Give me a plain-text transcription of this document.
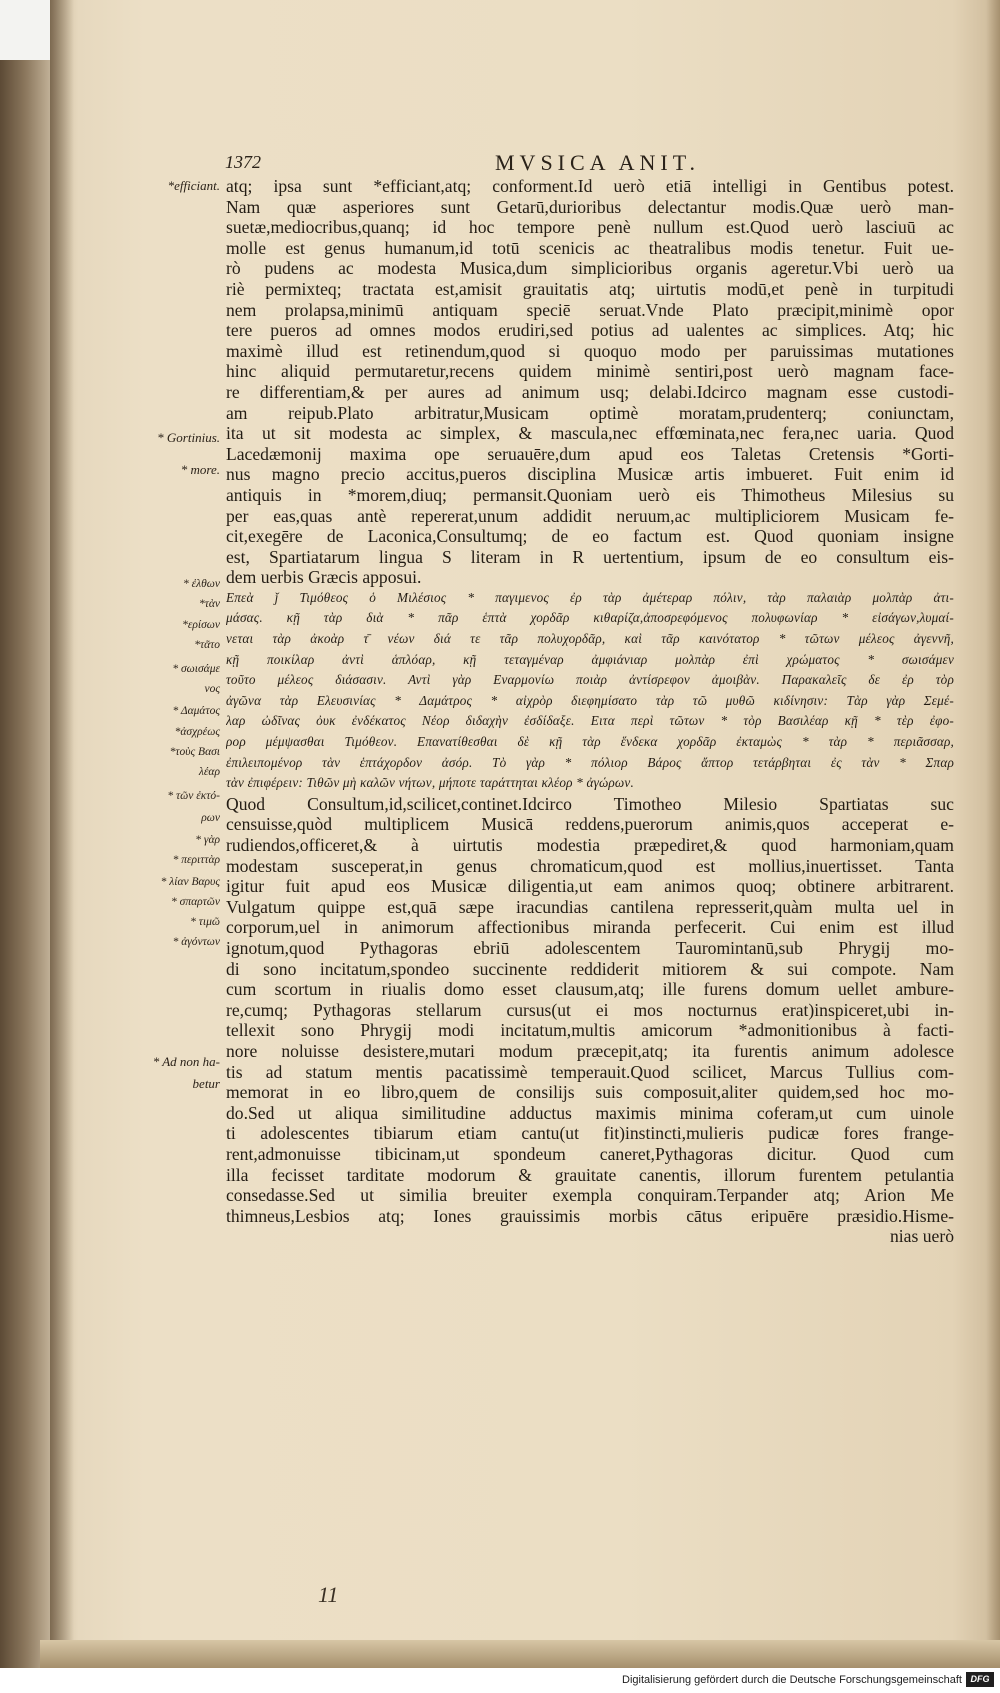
1372	MVSICA ANIT.
*efficiant.
* Gortinius.
* more.
* ἐλθων
*τὰν
*ερίσων
*τᾶτο
* σωισάμε
νος
* Δαμάτος
*ἀσχρέως
*τοὺς Βασι
λέαρ
* τῶν ἐκτό-
ρων
* γὰρ
* περιττὰρ
* λίαν Βαρυς
* σπαρτῶν
* τιμῶ
* ἀγόντων
* Ad non ha-
betur
atq; ipsa sunt *efficiant,atq; conforment.Id uerò etiā intelligi in Gentibus potest.
Nam quæ asperiores sunt Getarū,durioribus delectantur modis.Quæ uerò man-
suetæ,mediocribus,quanq; id hoc tempore penè nullum est.Quod uerò lasciuū ac
molle est genus humanum,id totū scenicis ac theatralibus modis tenetur. Fuit ue-
rò pudens ac modesta Musica,dum simplicioribus organis ageretur.Vbi uerò ua
riè permixteq; tractata est,amisit grauitatis atq; uirtutis modū,et penè in turpitudi
nem prolapsa,minimū antiquam speciē seruat.Vnde Plato præcipit,minimè opor
tere pueros ad omnes modos erudiri,sed potius ad ualentes ac simplices. Atq; hic
maximè illud est retinendum,quod si quoquo modo per paruissimas mutationes
hinc aliquid permutaretur,recens quidem minimè sentiri,post uerò magnam face-
re differentiam,& per aures ad animum usq; delabi.Idcirco magnam esse custodi-
am reipub.Plato arbitratur,Musicam optimè moratam,prudenterq; coniunctam,
ita ut sit modesta ac simplex, & mascula,nec effœminata,nec fera,nec uaria. Quod
Lacedæmonij maxima ope seruauēre,dum apud eos Taletas Cretensis *Gorti-
nus magno precio accitus,pueros disciplina Musicæ artis imbueret. Fuit enim id
antiquis in *morem,diuq; permansit.Quoniam uerò eis Thimotheus Milesius su
per eas,quas antè repererat,unum addidit neruum,ac multipliciorem Musicam fe-
cit,exegēre de Laconica,Consultumq; de eo factum est. Quod quoniam insigne
est, Spartiatarum lingua S literam in R uertentium, ipsum de eo consultum eis-
dem uerbis Græcis apposui.
Επεὰ ǰ Τιμόθεος ὁ Μιλέσιος * παγιμενος ἐρ τὰρ ἀμέτεραρ πόλιν, τὰρ παλαιὰρ μολπὰρ ἀτι-
μάσας. κῇ τὰρ διὰ * πᾶρ ἑπτὰ χορδᾶρ κιθαρίζα,ἀποσρεφόμενος πολυφωνίαρ * εἰσάγων,λυμαί-
νεται τὰρ ἀκοὰρ τ̄ νέων διά τε τᾶρ πολυχορδᾶρ, καὶ τᾶρ καινότατορ * τῶτων μέλεος ἀγεννῆ,
κῇ ποικίλαρ ἀντὶ ἁπλόαρ, κῇ τεταγμέναρ ἀμφιάνιαρ μολπὰρ ἐπὶ χρώματος * σωισάμεν
τοῦτο μέλεος διάσασιν. Αντὶ γὰρ Εναρμονίω ποιὰρ ἀντίσρεφον ἀμοιβὰν. Παρακαλεῖς δε ἐρ τὸρ
ἀγῶνα τὰρ Ελευσινίας * Δαμάτρος * αἰχρὸρ διεφημίσατο τὰρ τῶ μυθῶ κιδίνησιν: Τὰρ γὰρ Σεμέ-
λαρ ὠδῖνας ὀυκ ἐνδέκατος Νέορ διδαχὴν ἐσδίδαξε. Ειτα περὶ τῶτων * τὸρ Βασιλέαρ κῇ * τὲρ ἐφο-
ρορ μέμψασθαι Τιμόθεον. Επανατίθεσθαι δὲ κῇ τὰρ ἕνδεκα χορδᾶρ ἐκταμὼς * τὰρ * περιᾶσσαρ,
ἐπιλειπομένορ τὰν ἑπτάχορδον ἀσόρ. Τὸ γὰρ * πόλιορ Βάρος ἄπτορ τετάρβηται ἐς τὰν * Σπαρ
τὰν ἐπιφέρειν: Τιθῶν μὴ καλῶν νήτων, μήποτε ταράττηται κλέορ * ἀγώρων.
Quod Consultum,id,scilicet,continet.Idcirco Timotheo Milesio Spartiatas suc
censuisse,quòd multiplicem Musicā reddens,puerorum animis,quos acceperat e-
rudiendos,officeret,& à uirtutis modestia præpediret,& quod harmoniam,quam
modestam susceperat,in genus chromaticum,quod est mollius,inuertisset. Tanta
igitur fuit apud eos Musicæ diligentia,ut eam animos quoq; obtinere arbitrarent.
Vulgatum quippe est,quā sæpe iracundias cantilena represserit,quàm multa uel in
corporum,uel in animorum affectionibus miranda perfecerit. Cui enim est illud
ignotum,quod Pythagoras ebriū adolescentem Tauromintanū,sub Phrygij mo-
di sono incitatum,spondeo succinente reddiderit mitiorem & sui compote. Nam
cum scortum in riualis domo esset clausum,atq; ille furens domum uellet ambure-
re,cumq; Pythagoras stellarum cursus(ut ei mos nocturnus erat)inspiceret,ubi in-
tellexit sono Phrygij modi incitatum,multis amicorum *admonitionibus à facti-
nore noluisse desistere,mutari modum præcepit,atq; ita furentis animum adolesce
tis ad statum mentis pacatissimè temperauit.Quod scilicet, Marcus Tullius com-
memorat in eo libro,quem de consilijs suis composuit,aliter quidem,sed hoc mo-
do.Sed ut aliqua similitudine adductus maximis minima coferam,ut cum uinole
ti adolescentes tibiarum etiam cantu(ut fit)instincti,mulieris pudicæ fores frange-
rent,admonuisse tibicinam,ut spondeum caneret,Pythagoras dicitur. Quod cum
illa fecisset tarditate modorum & grauitate canentis, illorum furentem petulantia
consedasse.Sed ut similia breuiter exempla conquiram.Terpander atq; Arion Me
thimneus,Lesbios atq; Iones grauissimis morbis cātus eripuēre præsidio.Hisme-
nias uerò
11
Digitalisierung gefördert durch die Deutsche Forschungsgemeinschaft DFG
